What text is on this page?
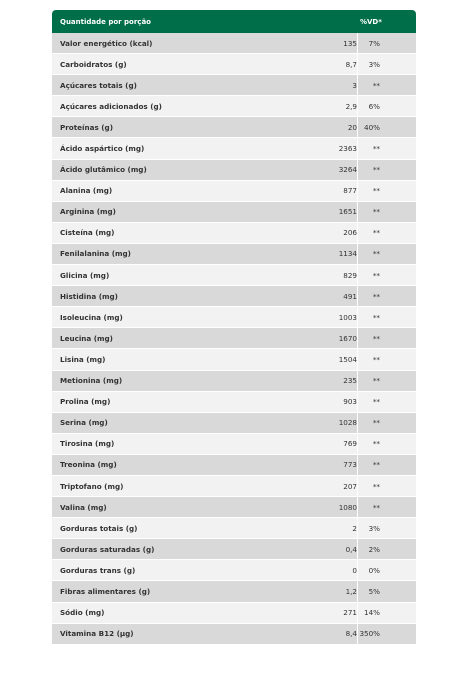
Quantidade por porção	%VD*
Valor energético (kcal)	135	7%
Carboidratos (g)	8,7	3%
Açúcares totais (g)	3	**
Açúcares adicionados (g)	2,9	6%
Proteínas (g)	20 40%
Ácido aspártico (mg)	2363	**
Ácido glutâmico (mg)	3264	**
Alanina (mg)	877	**
Arginina (mg)	1651	**
Cisteína (mg)	206	**
Fenilalanina (mg)	1134	**
Glicina (mg)	829	**
Histidina (mg)	491	**
Isoleucina (mg)	1003	**
Leucina (mg)	1670	**
Lisina (mg)	1504	**
Metionina (mg)	235	**
Prolina (mg)	903	**
Serina (mg)	1028	**
Tirosina (mg)	769	**
Treonina (mg)	773	**
Triptofano (mg)	207	**
Valina (mg)	1080	**
Gorduras totais (g)	2	3%
Gorduras saturadas (g)	0,4	2%
Gorduras trans (g)	0	0%
Fibras alimentares (g)	1,2	5%
Sódio (mg)	271 14%
Vitamina B12 (µg)	8,4 350%
